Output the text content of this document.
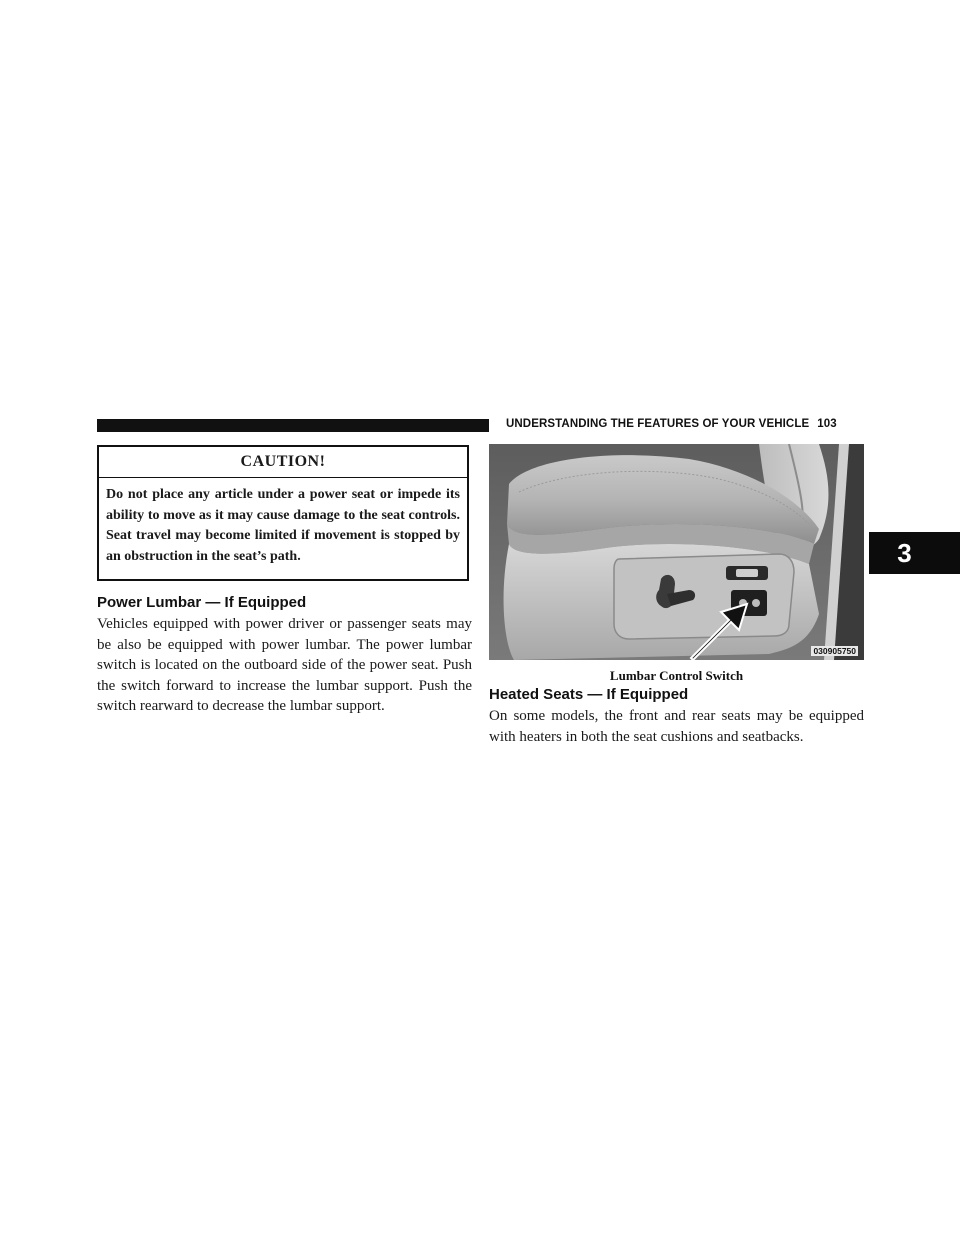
UNDERSTANDING THE FEATURES OF YOUR VEHICLE 103
CAUTION!
Do not place any article under a power seat or impede its ability to move as it may cause damage to the seat controls. Seat travel may become limited if movement is stopped by an obstruction in the seat’s path.
Power Lumbar — If Equipped
Vehicles equipped with power driver or passenger seats may be also be equipped with power lumbar. The power lumbar switch is located on the outboard side of the power seat. Push the switch forward to increase the lumbar support. Push the switch rearward to decrease the lumbar support.
030905750
Lumbar Control Switch
Heated Seats — If Equipped
On some models, the front and rear seats may be equipped with heaters in both the seat cushions and seatbacks.
3
